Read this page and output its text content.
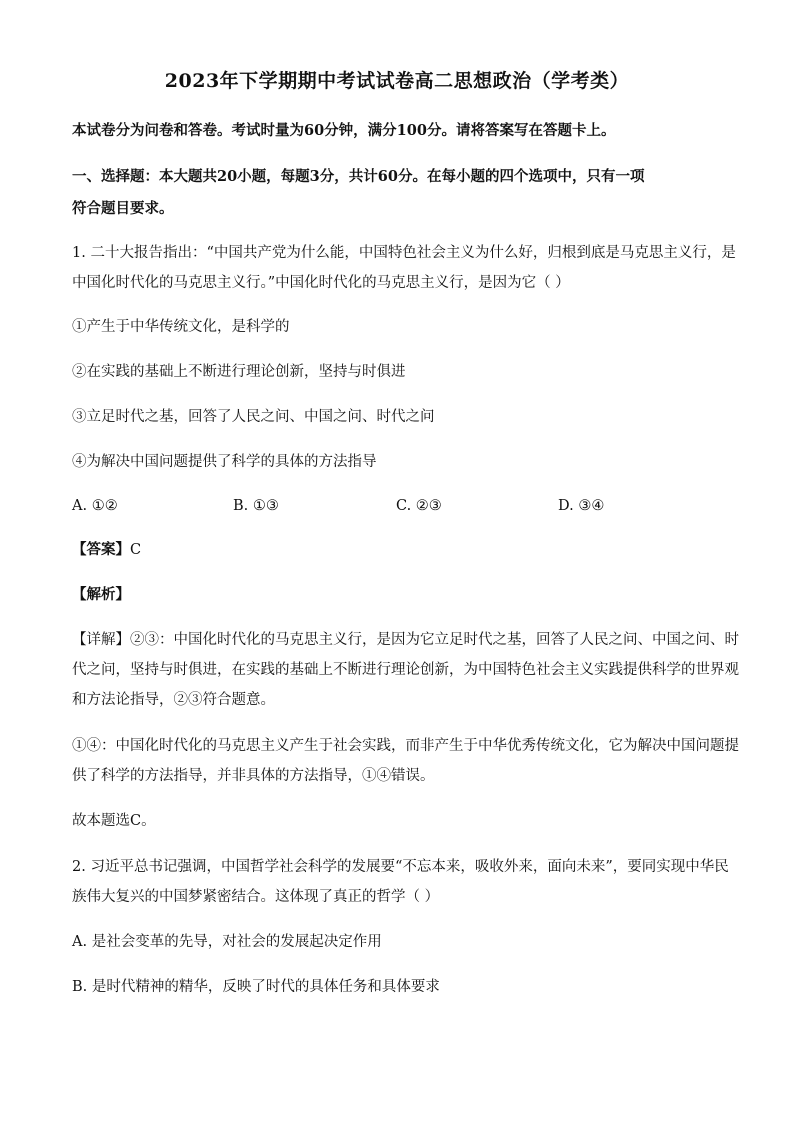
2023年下学期期中考试试卷高二思想政治（学考类）
本试卷分为问卷和答卷。考试时量为60分钟，满分100分。请将答案写在答题卡上。
一、选择题：本大题共20小题，每题3分，共计60分。在每小题的四个选项中，只有一项
符合题目要求。
1. 二十大报告指出：“中国共产党为什么能，中国特色社会主义为什么好，归根到底是马克思主义行，是
中国化时代化的马克思主义行。”中国化时代化的马克思主义行，是因为它（ ）
①产生于中华传统文化，是科学的
②在实践的基础上不断进行理论创新，坚持与时俱进
③立足时代之基，回答了人民之问、中国之问、时代之问
④为解决中国问题提供了科学的具体的方法指导
A. ①②	B. ①③	C. ②③	D. ③④
【答案】C
【解析】
【详解】②③：中国化时代化的马克思主义行，是因为它立足时代之基，回答了人民之问、中国之问、时
代之问，坚持与时俱进，在实践的基础上不断进行理论创新，为中国特色社会主义实践提供科学的世界观
和方法论指导，②③符合题意。
①④：中国化时代化的马克思主义产生于社会实践，而非产生于中华优秀传统文化，它为解决中国问题提
供了科学的方法指导，并非具体的方法指导，①④错误。
故本题选C。
2. 习近平总书记强调，中国哲学社会科学的发展要“不忘本来，吸收外来，面向未来”，要同实现中华民
族伟大复兴的中国梦紧密结合。这体现了真正的哲学（ ）
A. 是社会变革的先导，对社会的发展起决定作用
B. 是时代精神的精华，反映了时代的具体任务和具体要求
